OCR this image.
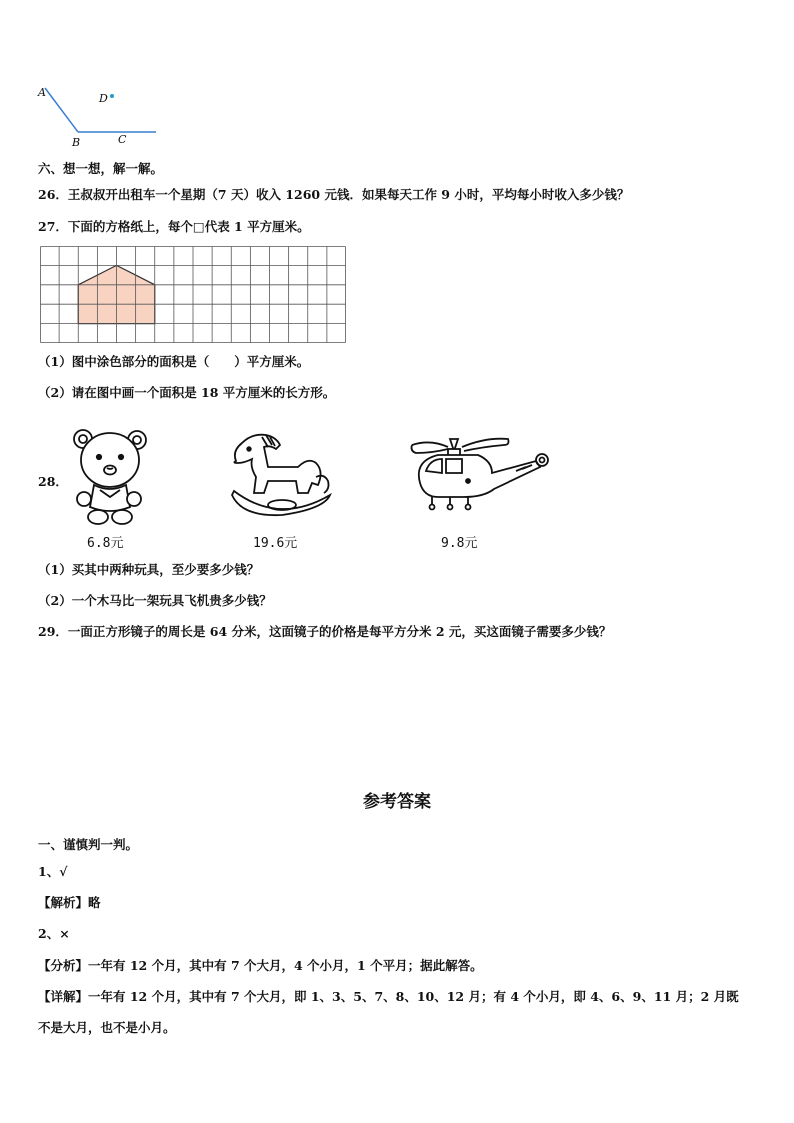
A	D
B	C
六、想一想，解一解。
26．王叔叔开出租车一个星期（7 天）收入 1260 元钱．如果每天工作 9 小时，平均每小时收入多少钱？
27．下面的方格纸上，每个□代表 1 平方厘米。
（1）图中涂色部分的面积是（　　）平方厘米。
（2）请在图中画一个面积是 18 平方厘米的长方形。
28．
6.8元	19.6元	9.8元
（1）买其中两种玩具，至少要多少钱？
（2）一个木马比一架玩具飞机贵多少钱？
29．一面正方形镜子的周长是 64 分米，这面镜子的价格是每平方分米 2 元，买这面镜子需要多少钱？
参考答案
一、谨慎判一判。
1、√
【解析】略
2、×
【分析】一年有 12 个月，其中有 7 个大月，4 个小月，1 个平月；据此解答。
【详解】一年有 12 个月，其中有 7 个大月，即 1、3、5、7、8、10、12 月；有 4 个小月，即 4、6、9、11 月；2 月既
不是大月，也不是小月。
